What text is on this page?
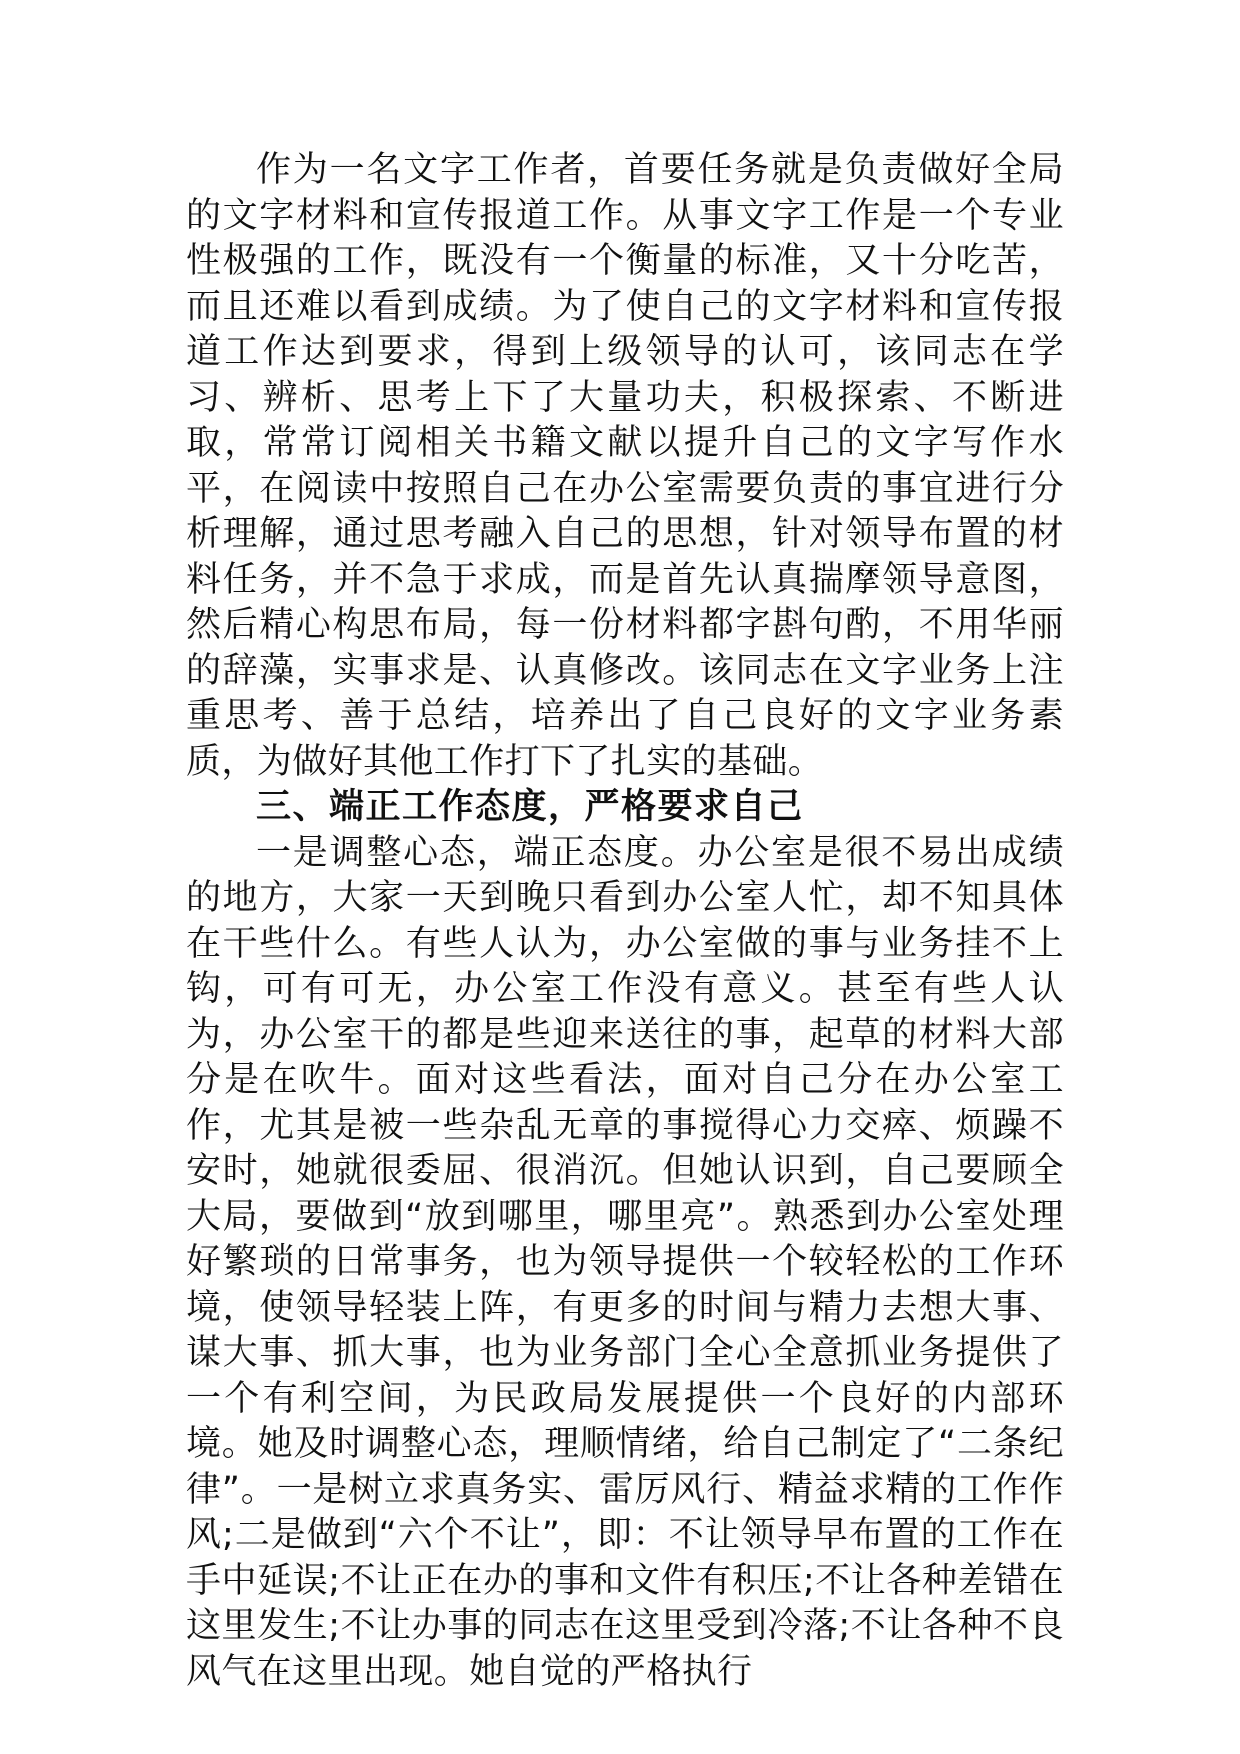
作为一名文字工作者，首要任务就是负责做好全局的文字材料和宣传报道工作。从事文字工作是一个专业性极强的工作，既没有一个衡量的标准，又十分吃苦，而且还难以看到成绩。为了使自己的文字材料和宣传报道工作达到要求，得到上级领导的认可，该同志在学习、辨析、思考上下了大量功夫，积极探索、不断进取，常常订阅相关书籍文献以提升自己的文字写作水平，在阅读中按照自己在办公室需要负责的事宜进行分析理解，通过思考融入自己的思想，针对领导布置的材料任务，并不急于求成，而是首先认真揣摩领导意图，然后精心构思布局，每一份材料都字斟句酌，不用华丽的辞藻，实事求是、认真修改。该同志在文字业务上注重思考、善于总结，培养出了自己良好的文字业务素质，为做好其他工作打下了扎实的基础。

三、端正工作态度，严格要求自己

一是调整心态，端正态度。办公室是很不易出成绩的地方，大家一天到晚只看到办公室人忙，却不知具体在干些什么。有些人认为，办公室做的事与业务挂不上钩，可有可无，办公室工作没有意义。甚至有些人认为，办公室干的都是些迎来送往的事，起草的材料大部分是在吹牛。面对这些看法，面对自己分在办公室工作，尤其是被一些杂乱无章的事搅得心力交瘁、烦躁不安时，她就很委屈、很消沉。但她认识到，自己要顾全大局，要做到“放到哪里，哪里亮”。熟悉到办公室处理好繁琐的日常事务，也为领导提供一个较轻松的工作环境，使领导轻装上阵，有更多的时间与精力去想大事、谋大事、抓大事，也为业务部门全心全意抓业务提供了一个有利空间，为民政局发展提供一个良好的内部环境。她及时调整心态，理顺情绪，给自己制定了“二条纪律”。一是树立求真务实、雷厉风行、精益求精的工作作风;二是做到“六个不让”，即：不让领导早布置的工作在手中延误;不让正在办的事和文件有积压;不让各种差错在这里发生;不让办事的同志在这里受到冷落;不让各种不良风气在这里出现。她自觉的严格执行
